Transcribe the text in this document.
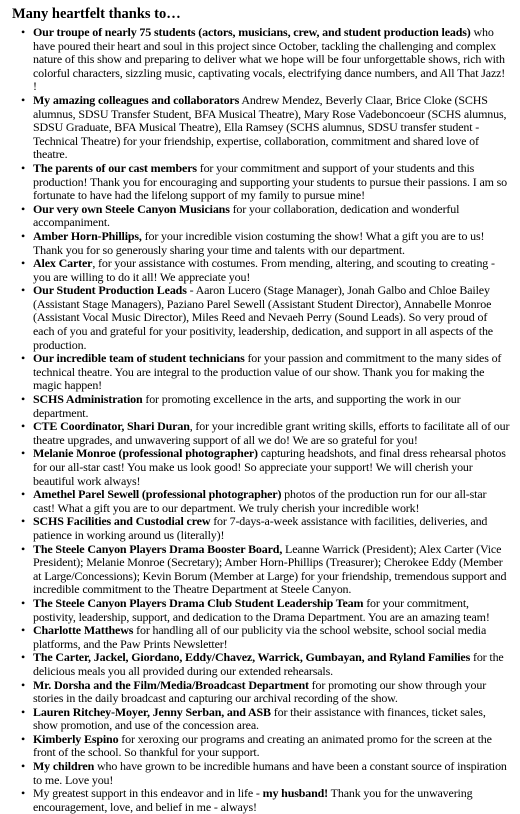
Many heartfelt thanks to…
• Our troupe of nearly 75 students (actors, musicians, crew, and student production leads) who have poured their heart and soul in this project since October, tackling the challenging and complex nature of this show and preparing to deliver what we hope will be four unforgettable shows, rich with colorful characters, sizzling music, captivating vocals, electrifying dance numbers, and All That Jazz! !
• My amazing colleagues and collaborators Andrew Mendez, Beverly Claar, Brice Cloke (SCHS alumnus, SDSU Transfer Student, BFA Musical Theatre), Mary Rose Vadeboncoeur (SCHS alumnus, SDSU Graduate, BFA Musical Theatre), Ella Ramsey (SCHS alumnus, SDSU transfer student - Technical Theatre) for your friendship, expertise, collaboration, commitment and shared love of theatre.
• The parents of our cast members for your commitment and support of your students and this production! Thank you for encouraging and supporting your students to pursue their passions. I am so fortunate to have had the lifelong support of my family to pursue mine!
• Our very own Steele Canyon Musicians for your collaboration, dedication and wonderful accompaniment.
• Amber Horn-Phillips, for your incredible vision costuming the show! What a gift you are to us! Thank you for so generously sharing your time and talents with our department.
• Alex Carter, for your assistance with costumes. From mending, altering, and scouting to creating - you are willing to do it all! We appreciate you!
• Our Student Production Leads - Aaron Lucero (Stage Manager), Jonah Galbo and Chloe Bailey (Assistant Stage Managers), Paziano Parel Sewell (Assistant Student Director), Annabelle Monroe (Assistant Vocal Music Director), Miles Reed and Nevaeh Perry (Sound Leads). So very proud of each of you and grateful for your positivity, leadership, dedication, and support in all aspects of the production.
• Our incredible team of student technicians for your passion and commitment to the many sides of technical theatre. You are integral to the production value of our show. Thank you for making the magic happen!
• SCHS Administration for promoting excellence in the arts, and supporting the work in our department.
• CTE Coordinator, Shari Duran, for your incredible grant writing skills, efforts to facilitate all of our theatre upgrades, and unwavering support of all we do! We are so grateful for you!
• Melanie Monroe (professional photographer) capturing headshots, and final dress rehearsal photos for our all-star cast! You make us look good! So appreciate your support! We will cherish your beautiful work always!
• Amethel Parel Sewell (professional photographer) photos of the production run for our all-star cast! What a gift you are to our department. We truly cherish your incredible work!
• SCHS Facilities and Custodial crew for 7-days-a-week assistance with facilities, deliveries, and patience in working around us (literally)!
• The Steele Canyon Players Drama Booster Board, Leanne Warrick (President); Alex Carter (Vice President); Melanie Monroe (Secretary); Amber Horn-Phillips (Treasurer); Cherokee Eddy (Member at Large/Concessions); Kevin Borum (Member at Large) for your friendship, tremendous support and incredible commitment to the Theatre Department at Steele Canyon.
• The Steele Canyon Players Drama Club Student Leadership Team for your commitment, postivity, leadership, support, and dedication to the Drama Department. You are an amazing team!
• Charlotte Matthews for handling all of our publicity via the school website, school social media platforms, and the Paw Prints Newsletter!
• The Carter, Jackel, Giordano, Eddy/Chavez, Warrick, Gumbayan, and Ryland Families for the delicious meals you all provided during our extended rehearsals.
• Mr. Dorsha and the Film/Media/Broadcast Department for promoting our show through your stories in the daily broadcast and capturing our archival recording of the show.
• Lauren Ritchey-Moyer, Jenny Serban, and ASB for their assistance with finances, ticket sales, show promotion, and use of the concession area.
• Kimberly Espino for xeroxing our programs and creating an animated promo for the screen at the front of the school. So thankful for your support.
• My children who have grown to be incredible humans and have been a constant source of inspiration to me. Love you!
• My greatest support in this endeavor and in life - my husband! Thank you for the unwavering encouragement, love, and belief in me - always!
